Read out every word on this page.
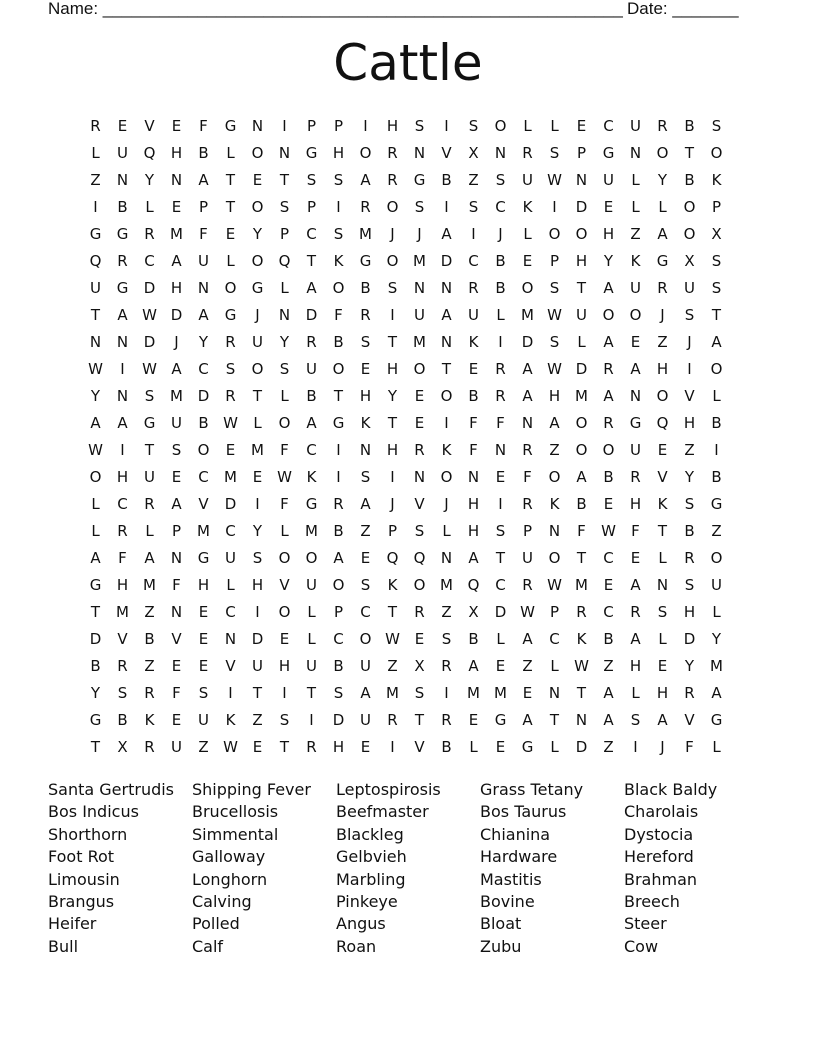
Name: _______________________________________________________ Date: _______
Cattle
R	E	V	E	F	G	N	I	P	P	I	H	S	I	S	O	L	L	E	C	U	R	B	S
L	U	Q	H	B	L	O	N	G	H	O	R	N	V	X	N	R	S	P	G	N	O	T	O
Z	N	Y	N	A	T	E	T	S	S	A	R	G	B	Z	S	U W N	U	L	Y	B	K
I	B	L	E	P	T	O	S	P	I	R	O	S	I	S	C	K	I	D	E	L	L	O	P
G	G	R	M	F	E	Y	P	C	S	M	J	J	A	I	J	L	O	O	H	Z	A	O	X
Q	R	C	A	U	L	O	Q	T	K	G	O M D	C	B	E	P	H	Y	K	G	X	S
U	G	D	H	N	O	G	L	A	O	B	S	N	N	R	B	O	S	T	A	U	R	U	S
T	A W D	A	G	J	N	D	F	R	I	U	A	U	L	M W U	O	O	J	S	T
N	N	D	J	Y	R	U	Y	R	B	S	T	M N	K	I	D	S	L	A	E	Z	J	A
W	I	W A	C	S	O	S	U	O	E	H	O	T	E	R	A W D	R	A	H	I	O
Y	N	S	M D	R	T	L	B	T	H	Y	E	O	B	R	A	H M	A	N	O	V	L
A	A	G	U	B W	L	O	A	G	K	T	E	I	F	F	N	A	O	R	G	Q	H	B
W	I	T	S	O	E	M	F	C	I	N	H	R	K	F	N	R	Z	O	O	U	E	Z	I
O	H	U	E	C	M	E W K	I	S	I	N	O	N	E	F	O	A	B	R	V	Y	B
L	C	R	A	V	D	I	F	G	R	A	J	V	J	H	I	R	K	B	E	H	K	S	G
L	R	L	P	M	C	Y	L	M	B	Z	P	S	L	H	S	P	N	F	W	F	T	B	Z
A	F	A	N	G	U	S	O	O	A	E	Q	Q	N	A	T	U	O	T	C	E	L	R	O
G	H M	F	H	L	H	V	U	O	S	K	O M Q	C	R W M	E	A	N	S	U
T	M	Z	N	E	C	I	O	L	P	C	T	R	Z	X	D W	P	R	C	R	S	H	L
D	V	B	V	E	N	D	E	L	C	O W E	S	B	L	A	C	K	B	A	L	D	Y
B	R	Z	E	E	V	U	H	U	B	U	Z	X	R	A	E	Z	L	W Z	H	E	Y	M
Y	S	R	F	S	I	T	I	T	S	A	M	S	I	M M	E	N	T	A	L	H	R	A
G	B	K	E	U	K	Z	S	I	D	U	R	T	R	E	G	A	T	N	A	S	A	V	G
T	X	R	U	Z W E	T	R	H	E	I	V	B	L	E	G	L	D	Z	I	J	F	L
Santa Gertrudis	Shipping Fever	Leptospirosis	Grass Tetany	Black Baldy
Bos Indicus	Brucellosis	Beefmaster	Bos Taurus	Charolais
Shorthorn	Simmental	Blackleg	Chianina	Dystocia
Foot Rot	Galloway	Gelbvieh	Hardware	Hereford
Limousin	Longhorn	Marbling	Mastitis	Brahman
Brangus	Calving	Pinkeye	Bovine	Breech
Heifer	Polled	Angus	Bloat	Steer
Bull	Calf	Roan	Zubu	Cow
